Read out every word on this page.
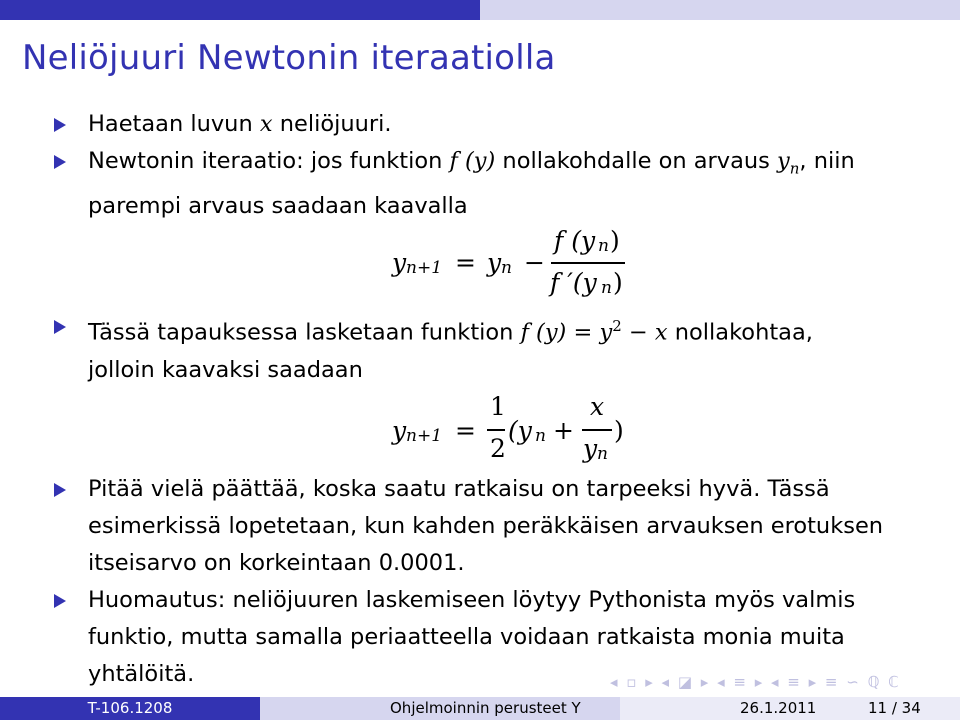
Neliöjuuri Newtonin iteraatiolla
Haetaan luvun x neliöjuuri.
Newtonin iteraatio: jos funktion f (y) nollakohdalle on arvaus $y_n$, niin
parempi arvaus saadaan kaavalla
y n+1 = y n −
f (y n )
f ′(y n )
Tässä tapauksessa lasketaan funktion f $(y) = y^2 - x$ nollakohtaa,
jolloin kaavaksi saadaan
y n+1 =
1
2
(y n +
x
y n
)
Pitää vielä päättää, koska saatu ratkaisu on tarpeeksi hyvä. Tässä
esimerkissä lopetetaan, kun kahden peräkkäisen arvauksen erotuksen
itseisarvo on korkeintaan 0.0001.
Huomautus: neliöjuuren laskemiseen löytyy Pythonista myös valmis
funktio, mutta samalla periaatteella voidaan ratkaista monia muita
yhtälöitä.	◂ ▫ ▸ ◂ ◪ ▸ ◂ ≡ ▸ ◂ ≡ ▸ ≡ ∽ ℚ ℂ
T-106.1208	Ohjelmoinnin perusteet Y	26.1.2011	11 / 34
